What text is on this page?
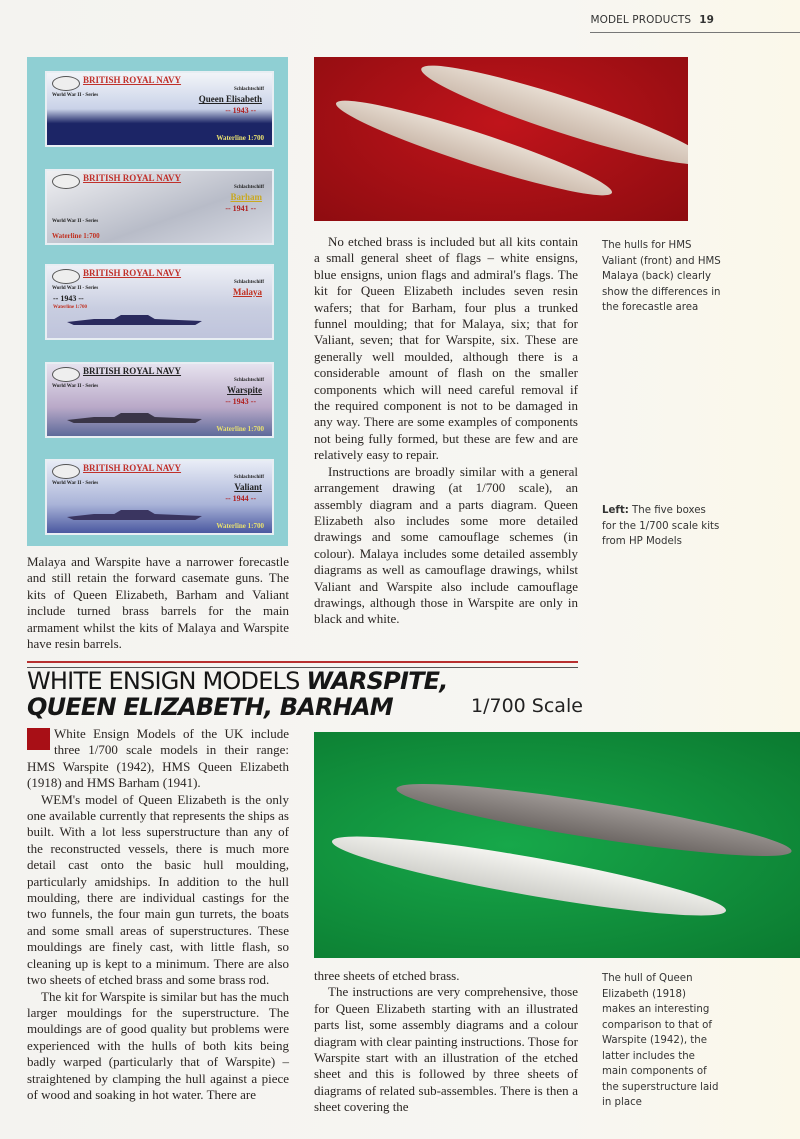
MODEL PRODUCTS 19
BRITISH ROYAL NAVY
Schlachtschiff
Queen Elisabeth
-- 1943 --
World War II - Series
Waterline 1:700
BRITISH ROYAL NAVY
Schlachtschiff
Barham
-- 1941 --
World War II - Series
Waterline 1:700
BRITISH ROYAL NAVY
Schlachtschiff
Malaya
-- 1943 --
World War II - Series
Waterline 1:700
BRITISH ROYAL NAVY
Schlachtschiff
Warspite
-- 1943 --
World War II - Series
Waterline 1:700
BRITISH ROYAL NAVY
Schlachtschiff
Valiant
-- 1944 --
World War II - Series
Waterline 1:700

No etched brass is included but all kits contain a small general sheet of flags – white ensigns, blue ensigns, union flags and admiral's flags. The kit for Queen Elizabeth includes seven resin wafers; that for Barham, four plus a trunked funnel moulding; that for Malaya, six; that for Valiant, seven; that for Warspite, six. These are generally well moulded, although there is a considerable amount of flash on the smaller components which will need careful removal if the required component is not to be damaged in any way. There are some examples of components not being fully formed, but these are few and are relatively easy to repair.

Instructions are broadly similar with a general arrangement drawing (at 1/700 scale), an assembly diagram and a parts diagram. Queen Elizabeth also includes some more detailed drawings and some camouflage schemes (in colour). Malaya includes some detailed assembly diagrams as well as camouflage drawings, whilst Valiant and Warspite also include camouflage drawings, although those in Warspite are only in black and white.

The hulls for HMS Valiant (front) and HMS Malaya (back) clearly show the differences in the forecastle area
Left: The five boxes for the 1/700 scale kits from HP Models

Malaya and Warspite have a narrower forecastle and still retain the forward casemate guns. The kits of Queen Elizabeth, Barham and Valiant include turned brass barrels for the main armament whilst the kits of Malaya and Warspite have resin barrels.

WHITE ENSIGN MODELS WARSPITE,
QUEEN ELIZABETH, BARHAM	1/700 Scale

White Ensign Models of the UK include three 1/700 scale models in their range: HMS Warspite (1942), HMS Queen Elizabeth (1918) and HMS Barham (1941).

WEM's model of Queen Elizabeth is the only one available currently that represents the ships as built. With a lot less superstructure than any of the reconstructed vessels, there is much more detail cast onto the basic hull moulding, particularly amidships. In addition to the hull moulding, there are individual castings for the two funnels, the four main gun turrets, the boats and some small areas of superstructures. These mouldings are finely cast, with little flash, so cleaning up is kept to a minimum. There are also two sheets of etched brass and some brass rod.

The kit for Warspite is similar but has the much larger mouldings for the superstructure. The mouldings are of good quality but problems were experienced with the hulls of both kits being badly warped (particularly that of Warspite) – straightened by clamping the hull against a piece of wood and soaking in hot water. There are

three sheets of etched brass.

The instructions are very comprehensive, those for Queen Elizabeth starting with an illustrated parts list, some assembly diagrams and a colour diagram with clear painting instructions. Those for Warspite start with an illustration of the etched sheet and this is followed by three sheets of diagrams of related sub-assembles. There is then a sheet covering the

The hull of Queen Elizabeth (1918) makes an interesting comparison to that of Warspite (1942), the latter includes the main components of the superstructure laid in place
